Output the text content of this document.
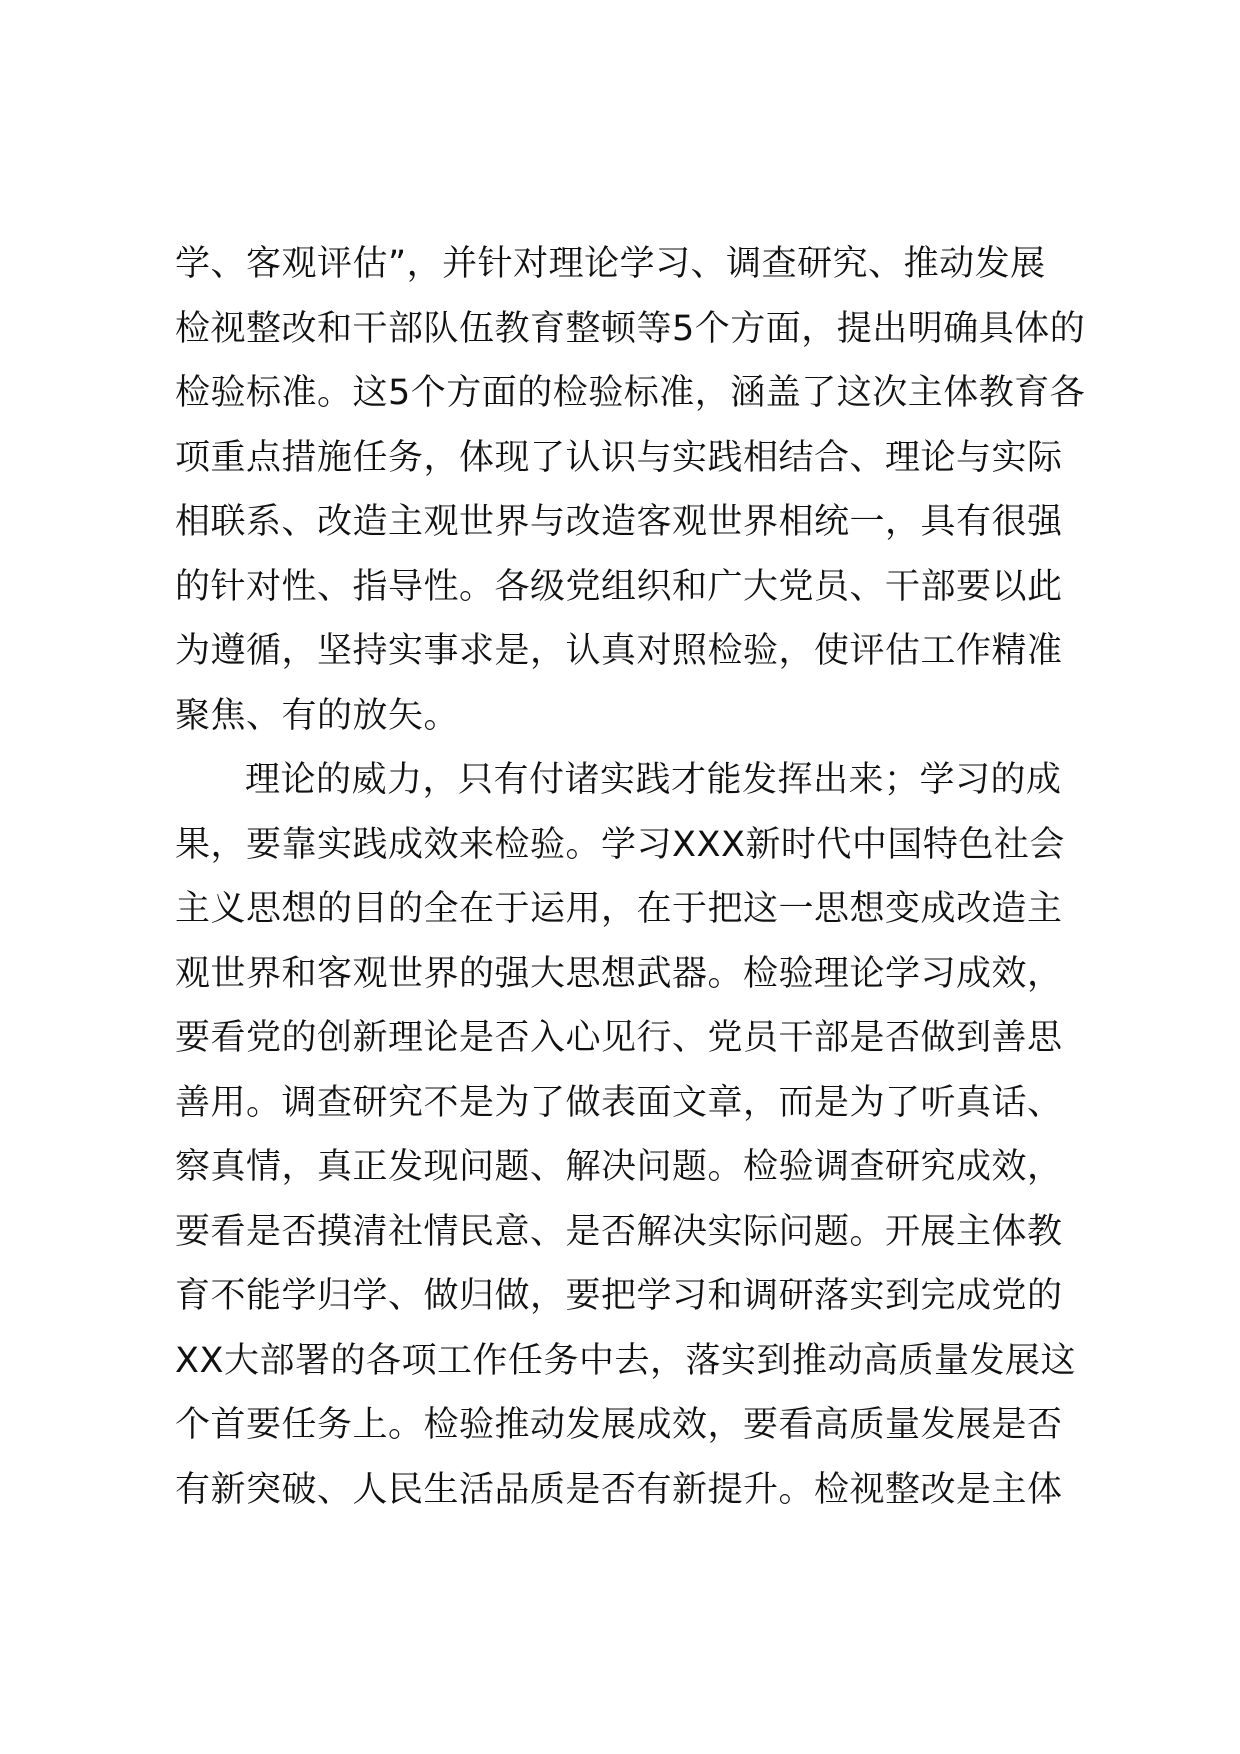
学、客观评估”，并针对理论学习、调查研究、推动发展
检视整改和干部队伍教育整顿等5个方面，提出明确具体的
检验标准。这5个方面的检验标准，涵盖了这次主体教育各
项重点措施任务，体现了认识与实践相结合、理论与实际
相联系、改造主观世界与改造客观世界相统一，具有很强
的针对性、指导性。各级党组织和广大党员、干部要以此
为遵循，坚持实事求是，认真对照检验，使评估工作精准
聚焦、有的放矢。
理论的威力，只有付诸实践才能发挥出来；学习的成
果，要靠实践成效来检验。学习XXX新时代中国特色社会
主义思想的目的全在于运用，在于把这一思想变成改造主
观世界和客观世界的强大思想武器。检验理论学习成效，
要看党的创新理论是否入心见行、党员干部是否做到善思
善用。调查研究不是为了做表面文章，而是为了听真话、
察真情，真正发现问题、解决问题。检验调查研究成效，
要看是否摸清社情民意、是否解决实际问题。开展主体教
育不能学归学、做归做，要把学习和调研落实到完成党的
XX大部署的各项工作任务中去，落实到推动高质量发展这
个首要任务上。检验推动发展成效，要看高质量发展是否
有新突破、人民生活品质是否有新提升。检视整改是主体
